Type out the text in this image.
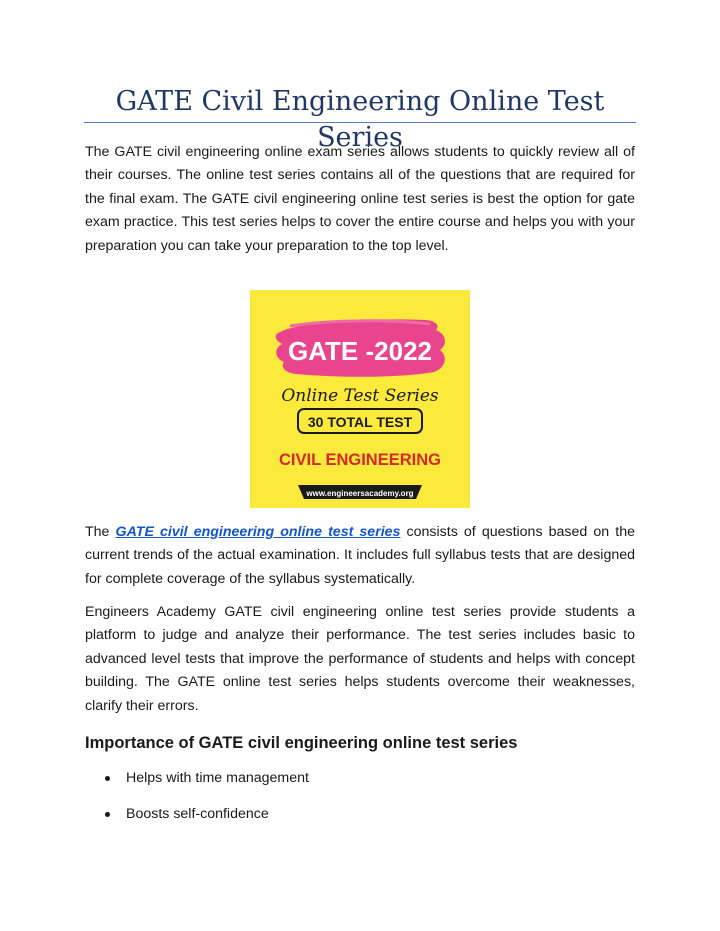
GATE Civil Engineering Online Test Series

The GATE civil engineering online exam series allows students to quickly review all of their courses. The online test series contains all of the questions that are required for the final exam. The GATE civil engineering online test series is best the option for gate exam practice. This test series helps to cover the entire course and helps you with your preparation you can take your preparation to the top level.

GATE -2022
Online Test Series
30 TOTAL TEST
CIVIL ENGINEERING
www.engineersacademy.org

The GATE civil engineering online test series consists of questions based on the current trends of the actual examination. It includes full syllabus tests that are designed for complete coverage of the syllabus systematically.

Engineers Academy GATE civil engineering online test series provide students a platform to judge and analyze their performance. The test series includes basic to advanced level tests that improve the performance of students and helps with concept building. The GATE online test series helps students overcome their weaknesses, clarify their errors.

Importance of GATE civil engineering online test series
Helps with time management
Boosts self-confidence
